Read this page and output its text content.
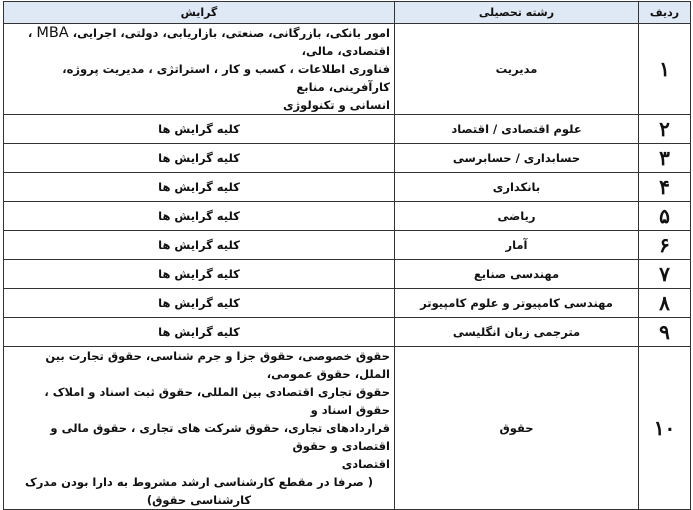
ردیف	رشته تحصیلی	گرایش
۱	مدیریت	امور بانکی، بازرگانی، صنعتی، بازاریابی، دولتی، اجرایی، MBA ، اقتصادی، مالی،
فناوری اطلاعات ، کسب و کار ، استراتژی ، مدیریت پروژه، کارآفرینی، منابع
انسانی و تکنولوژی

۲	علوم اقتصادی / اقتصاد	کلیه گرایش ها
۳	حسابداری / حسابرسی	کلیه گرایش ها
۴	بانکداری	کلیه گرایش ها
۵	ریاضی	کلیه گرایش ها
۶	آمار	کلیه گرایش ها
۷	مهندسی صنایع	کلیه گرایش ها
۸	مهندسی کامپیوتر و علوم کامپیوتر	کلیه گرایش ها
۹	مترجمی زبان انگلیسی	کلیه گرایش ها
۱۰	حقوق	حقوق خصوصی، حقوق جزا و جرم شناسی، حقوق تجارت بین الملل، حقوق عمومی،
حقوق تجاری اقتصادی بین المللی، حقوق ثبت اسناد و املاک ، حقوق اسناد و
قراردادهای تجاری، حقوق شرکت های تجاری ، حقوق مالی و اقتصادی و حقوق
اقتصادی
( صرفا در مقطع کارشناسی ارشد مشروط به دارا بودن مدرک کارشناسی حقوق)
